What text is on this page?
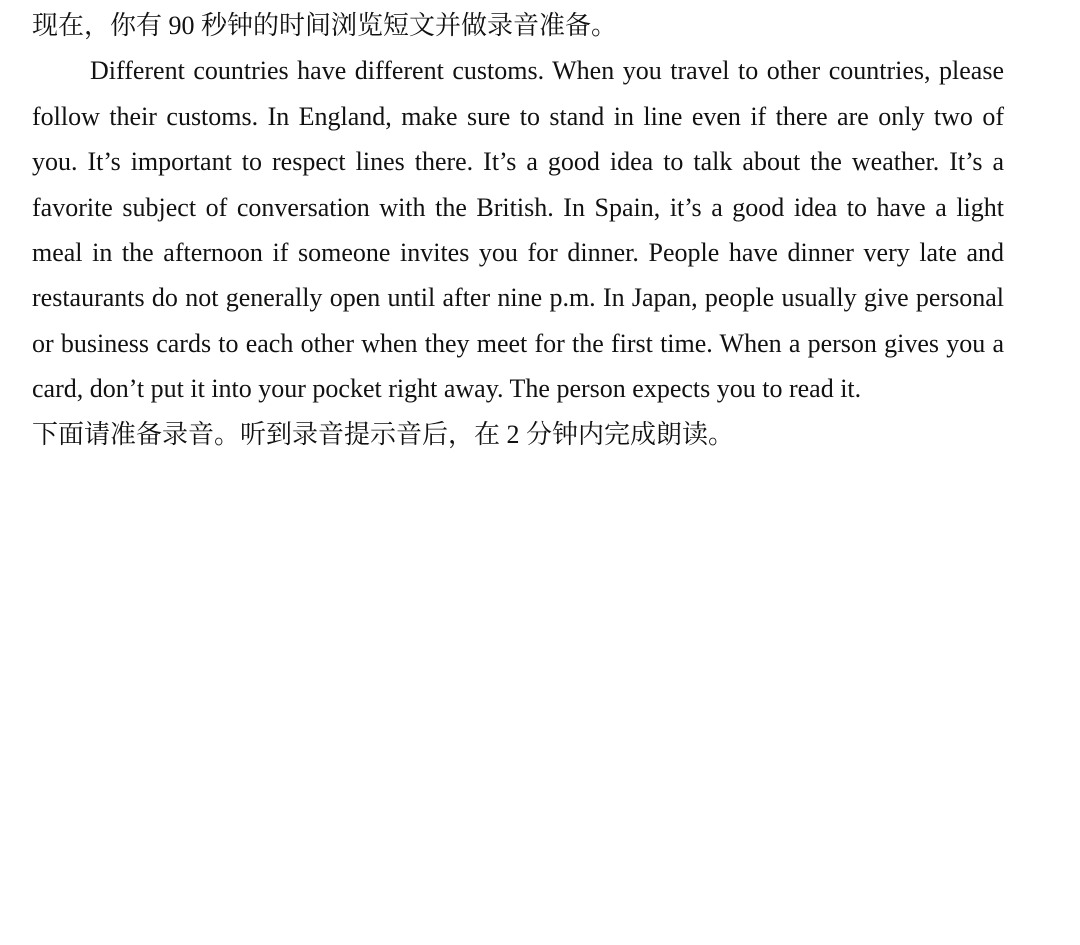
现在，你有 90 秒钟的时间浏览短文并做录音准备。

Different countries have different customs. When you travel to other countries, please follow their customs. In England, make sure to stand in line even if there are only two of you. It’s important to respect lines there. It’s a good idea to talk about the weather. It’s a favorite subject of conversation with the British. In Spain, it’s a good idea to have a light meal in the afternoon if someone invites you for dinner. People have dinner very late and restaurants do not generally open until after nine p.m. In Japan, people usually give personal or business cards to each other when they meet for the first time. When a person gives you a card, don’t put it into your pocket right away. The person expects you to read it.

下面请准备录音。听到录音提示音后，在 2 分钟内完成朗读。
